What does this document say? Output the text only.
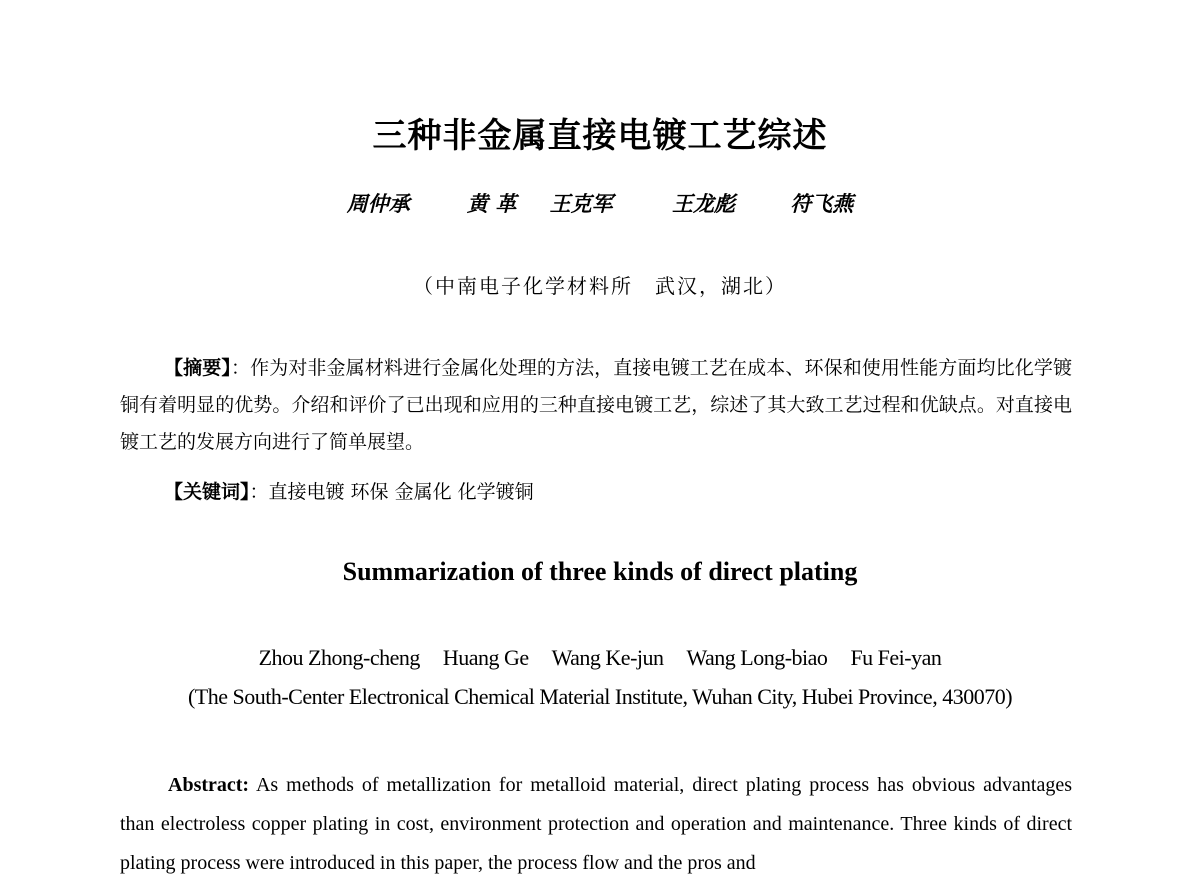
三种非金属直接电镀工艺综述
周仲承	黄 革 王克军	王龙彪	符飞燕
（中南电子化学材料所　武汉，湖北）
【摘要】：作为对非金属材料进行金属化处理的方法，直接电镀工艺在成本、环保和使用性能方面均比化学镀铜有着明显的优势。介绍和评价了已出现和应用的三种直接电镀工艺，综述了其大致工艺过程和优缺点。对直接电镀工艺的发展方向进行了简单展望。
【关键词】：直接电镀 环保 金属化 化学镀铜
Summarization of three kinds of direct plating
Zhou Zhong-cheng Huang Ge Wang Ke-jun Wang Long-biao Fu Fei-yan
(The South-Center Electronical Chemical Material Institute, Wuhan City, Hubei Province, 430070)
Abstract: As methods of metallization for metalloid material, direct plating process has obvious advantages than electroless copper plating in cost, environment protection and operation and maintenance. Three kinds of direct plating process were introduced in this paper, the process flow and the pros and
